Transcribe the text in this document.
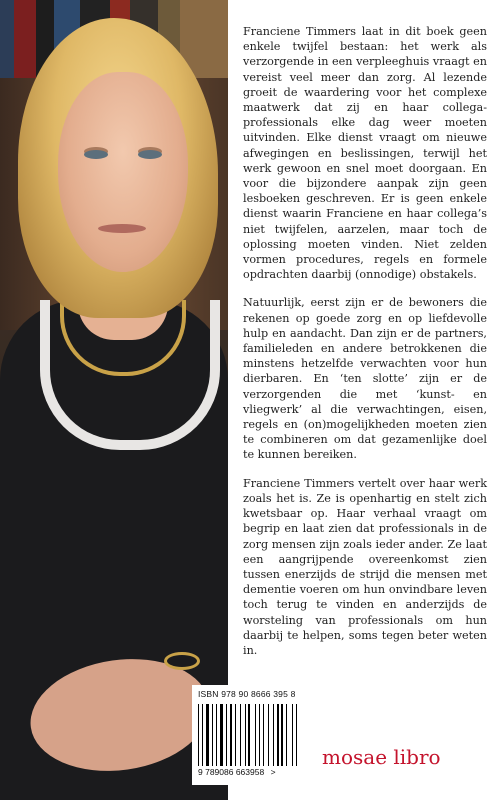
Franciene Timmers laat in dit boek geen enkele twijfel bestaan: het werk als verzorgende in een verpleeghuis vraagt en vereist veel meer dan zorg. Al lezende groeit de waardering voor het complexe maatwerk dat zij en haar collega-professionals elke dag weer moeten uitvinden. Elke dienst vraagt om nieuwe afwegingen en beslissingen, terwijl het werk gewoon en snel moet doorgaan. En voor die bijzondere aanpak zijn geen lesboeken geschreven. Er is geen enkele dienst waarin Franciene en haar collega’s niet twijfelen, aarzelen, maar toch de oplossing moeten vinden. Niet zelden vormen procedures, regels en formele opdrachten daarbij (onnodige) obstakels.

Natuurlijk, eerst zijn er de bewoners die rekenen op goede zorg en op liefdevolle hulp en aandacht. Dan zijn er de partners, familieleden en andere betrokkenen die minstens hetzelfde verwachten voor hun dierbaren. En ‘ten slotte’ zijn er de verzorgenden die met ‘kunst- en vliegwerk’ al die verwachtingen, eisen, regels en (on)mogelijkheden moeten zien te combineren om dat gezamenlijke doel te kunnen bereiken.

Franciene Timmers vertelt over haar werk zoals het is. Ze is openhartig en stelt zich kwetsbaar op. Haar verhaal vraagt om begrip en laat zien dat professionals in de zorg mensen zijn zoals ieder ander. Ze laat een aangrijpende overeenkomst zien tussen enerzijds de strijd die mensen met dementie voeren om hun onvindbare leven toch terug te vinden en anderzijds de worsteling van professionals om hun daarbij te helpen, soms tegen beter weten in.

ISBN 978 90 8666 395 8
9 789086 663958 >
mosae libro
